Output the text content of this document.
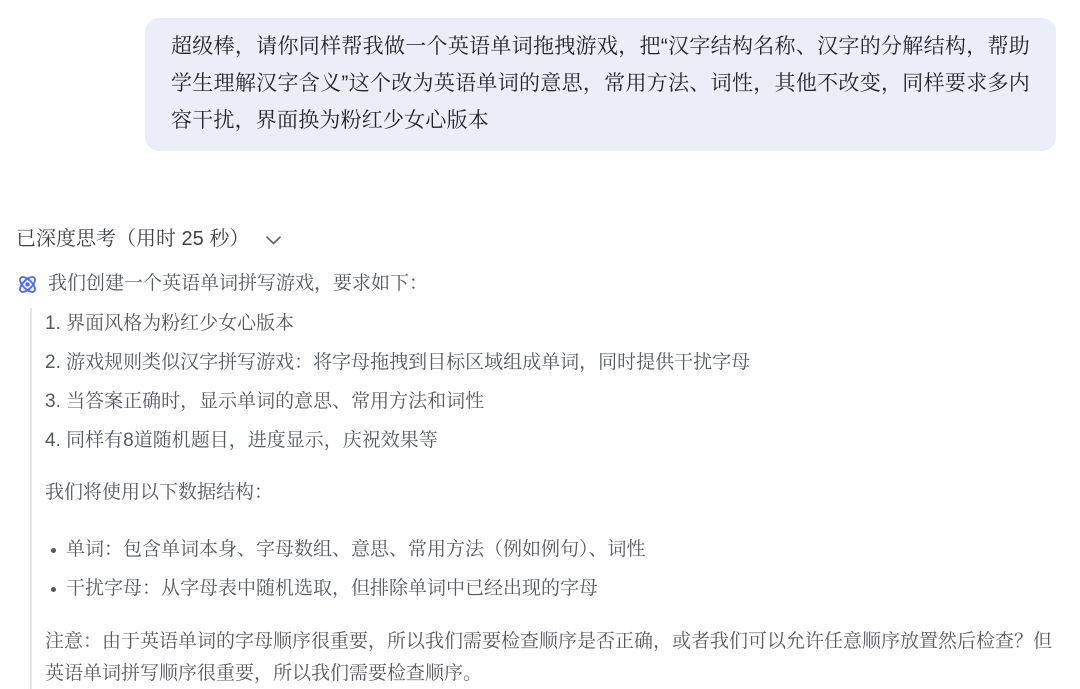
超级棒，请你同样帮我做一个英语单词拖拽游戏，把“汉字结构名称、汉字的分解结构，帮助学生理解汉字含义”这个改为英语单词的意思，常用方法、词性，其他不改变，同样要求多内容干扰，界面换为粉红少女心版本

已深度思考（用时 25 秒）

我们创建一个英语单词拼写游戏，要求如下：

1. 界面风格为粉红少女心版本
2. 游戏规则类似汉字拼写游戏：将字母拖拽到目标区域组成单词，同时提供干扰字母
3. 当答案正确时，显示单词的意思、常用方法和词性
4. 同样有8道随机题目，进度显示，庆祝效果等

我们将使用以下数据结构：

单词：包含单词本身、字母数组、意思、常用方法（例如例句）、词性
干扰字母：从字母表中随机选取，但排除单词中已经出现的字母

注意：由于英语单词的字母顺序很重要，所以我们需要检查顺序是否正确，或者我们可以允许任意顺序放置然后检查？但英语单词拼写顺序很重要，所以我们需要检查顺序。
